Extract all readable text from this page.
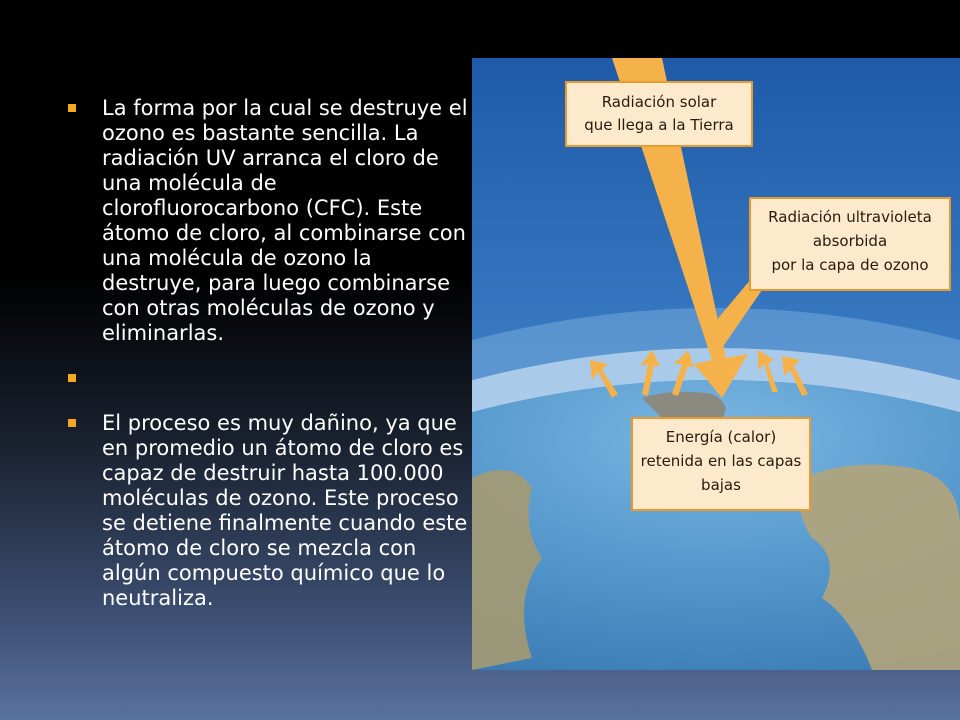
La forma por la cual se destruye el ozono es bastante sencilla. La radiación UV arranca el cloro de una molécula de clorofluorocarbono (CFC). Este átomo de cloro, al combinarse con una molécula de ozono la destruye, para luego combinarse con otras moléculas de ozono y eliminarlas.
El proceso es muy dañino, ya que en promedio un átomo de cloro es capaz de destruir hasta 100.000 moléculas de ozono. Este proceso se detiene finalmente cuando este átomo de cloro se mezcla con algún compuesto químico que lo neutraliza.
Radiación solar
que llega a la Tierra
Radiación ultravioleta
absorbida
por la capa de ozono
Energía (calor)
retenida en las capas
bajas
